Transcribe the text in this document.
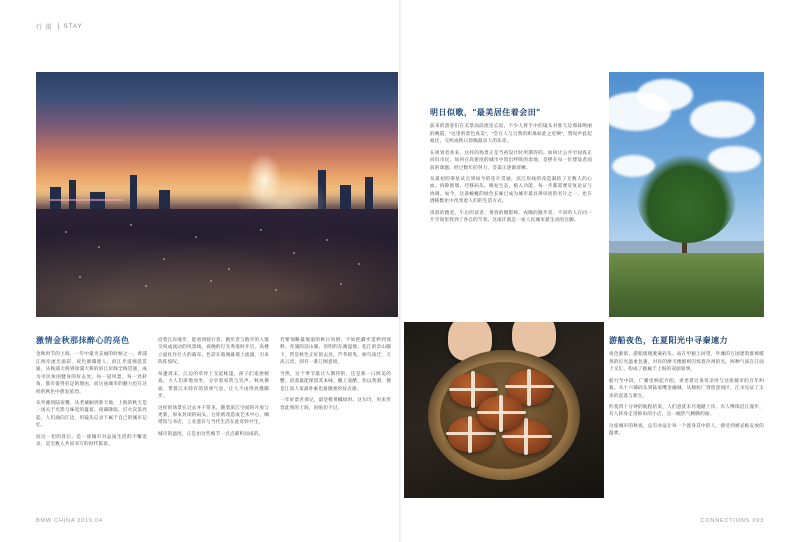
行 摄 STAY
激情金秋那抹醉心的亮色

金秋时节的上海，一年中最为美丽的时候之一。黄浦江两岸流光溢彩，夜色璀璨迷人，滨江步道绵延贯通，从杨浦大桥到徐浦大桥的滨江岸线全线贯通，成为市民休闲健身的好去处。每一道风景，每一处转角，都有值得驻足的理由，而这座城市的魅力也在这样的秋色中愈发浓烈。

从外滩到陆家嘴，从老城厢到新天地，上海的秋天是一场关于光影与味觉的盛宴。夜幕降临，灯火次第亮起，人们涌向江边，用镜头记录下属于自己的城市记忆。

而这一切的背后，是一座城市对品质生活的不懈追求，是无数人共同书写的时代篇章。

沿着江岸漫步，能看到骑行者、跑步者与散步的人群交织成流动的风景线。夜晚的灯光秀准时开启，高楼立面化作巨大的幕布，色彩在玻璃幕墙上流淌，引来阵阵惊叹。

每逢周末，江边的草坪上支起帐篷，孩子们追逐嬉戏，大人们席地而坐，分享着家常与笑声。秋风拂面，带着江水特有的清冽气息，让人不由得放慢脚步。

这样的场景在过去并不常见。随着滨江空间的开放与更新，原本封闭的码头、仓库被改造成艺术中心、咖啡馆与书店，工业遗存与当代生活在此奇妙共生。

城市的温度，正是由这些细节一点点累积而成的。

若要领略最地道的秋日风情，不妨把脚步延伸到郊野。青浦的淀山湖、崇明的东滩湿地、松江的佘山脚下，皆是秋色正好的去处。芦苇摇曳，候鸟南迁，天高云淡，别有一番辽阔意境。

当然，这个季节最让人期待的，还是那一口鲜美的蟹。清蒸最能保留其本味，蘸上姜醋，佐以黄酒，便是江南人家最朴素也最隆重的仪式感。

一年好景君须记，最是橙黄橘绿时。这句诗，用来形容此刻的上海，再贴切不过。

BMW CHINA 2019.04
明日似歌，"最美居住着会田"

前来的游客们在美景面前流连忘返，不少人将手中的镜头对准天边那抹绚丽的晚霞，"这里的景色真美"，"会在人与自然的距离如此之近啊"，赞叹声此起彼伏，交织成秋日傍晚最动人的乐章。

在规划者看来，这样的场景正是当初设计时所期待的。如何让公共空间真正回归市民，如何在高密度的城市中留出呼吸的余地，是摆在每一位建设者面前的课题。经过数年的努力，答案正逐渐清晰。

从最初的零星试点到如今的连片贯通，滨江岸线的改造凝结了无数人的心血。拆除围墙、迁移码头、修复生态、植入功能，每一步都需要反复论证与协调。如今，这条蜿蜒的绿色长廊已成为城市最具辨识度的名片之一，也在潜移默化中改变着人们的生活方式。

清晨的跑者、午后的读者、黄昏的摄影师、夜晚的散步者，不同的人在同一片空间里找到了各自的节奏。这或许就是一座人民城市最生动的注脚。

游船夜色，在夏阳光中寻秦速力

夜色渐浓，游船缓缓驶离码头。站在甲板上回望，外滩的万国建筑群被暖黄的灯光温柔包裹，对岸的摩天楼群则闪烁着冷冽的光。两种气质在江面上交汇，构成了独属于上海的双面叙事。

船行至中段，广播里响起介绍，讲述着这条母亲河与这座城市的百年纠葛。从十六铺码头到陆家嘴金融城，从棉纺厂到创意园区，江水见证了太多的起落与新生。

约莫四十分钟的航程结束，人们意犹未尽地踏上岸。有人继续沿江漫步，有人转身走进街角的小店，点一碗热气腾腾的面。

这座城市的秋夜，总有办法让每一个置身其中的人，感受到被妥帖安放的温柔。

CONNECTIONS 093
